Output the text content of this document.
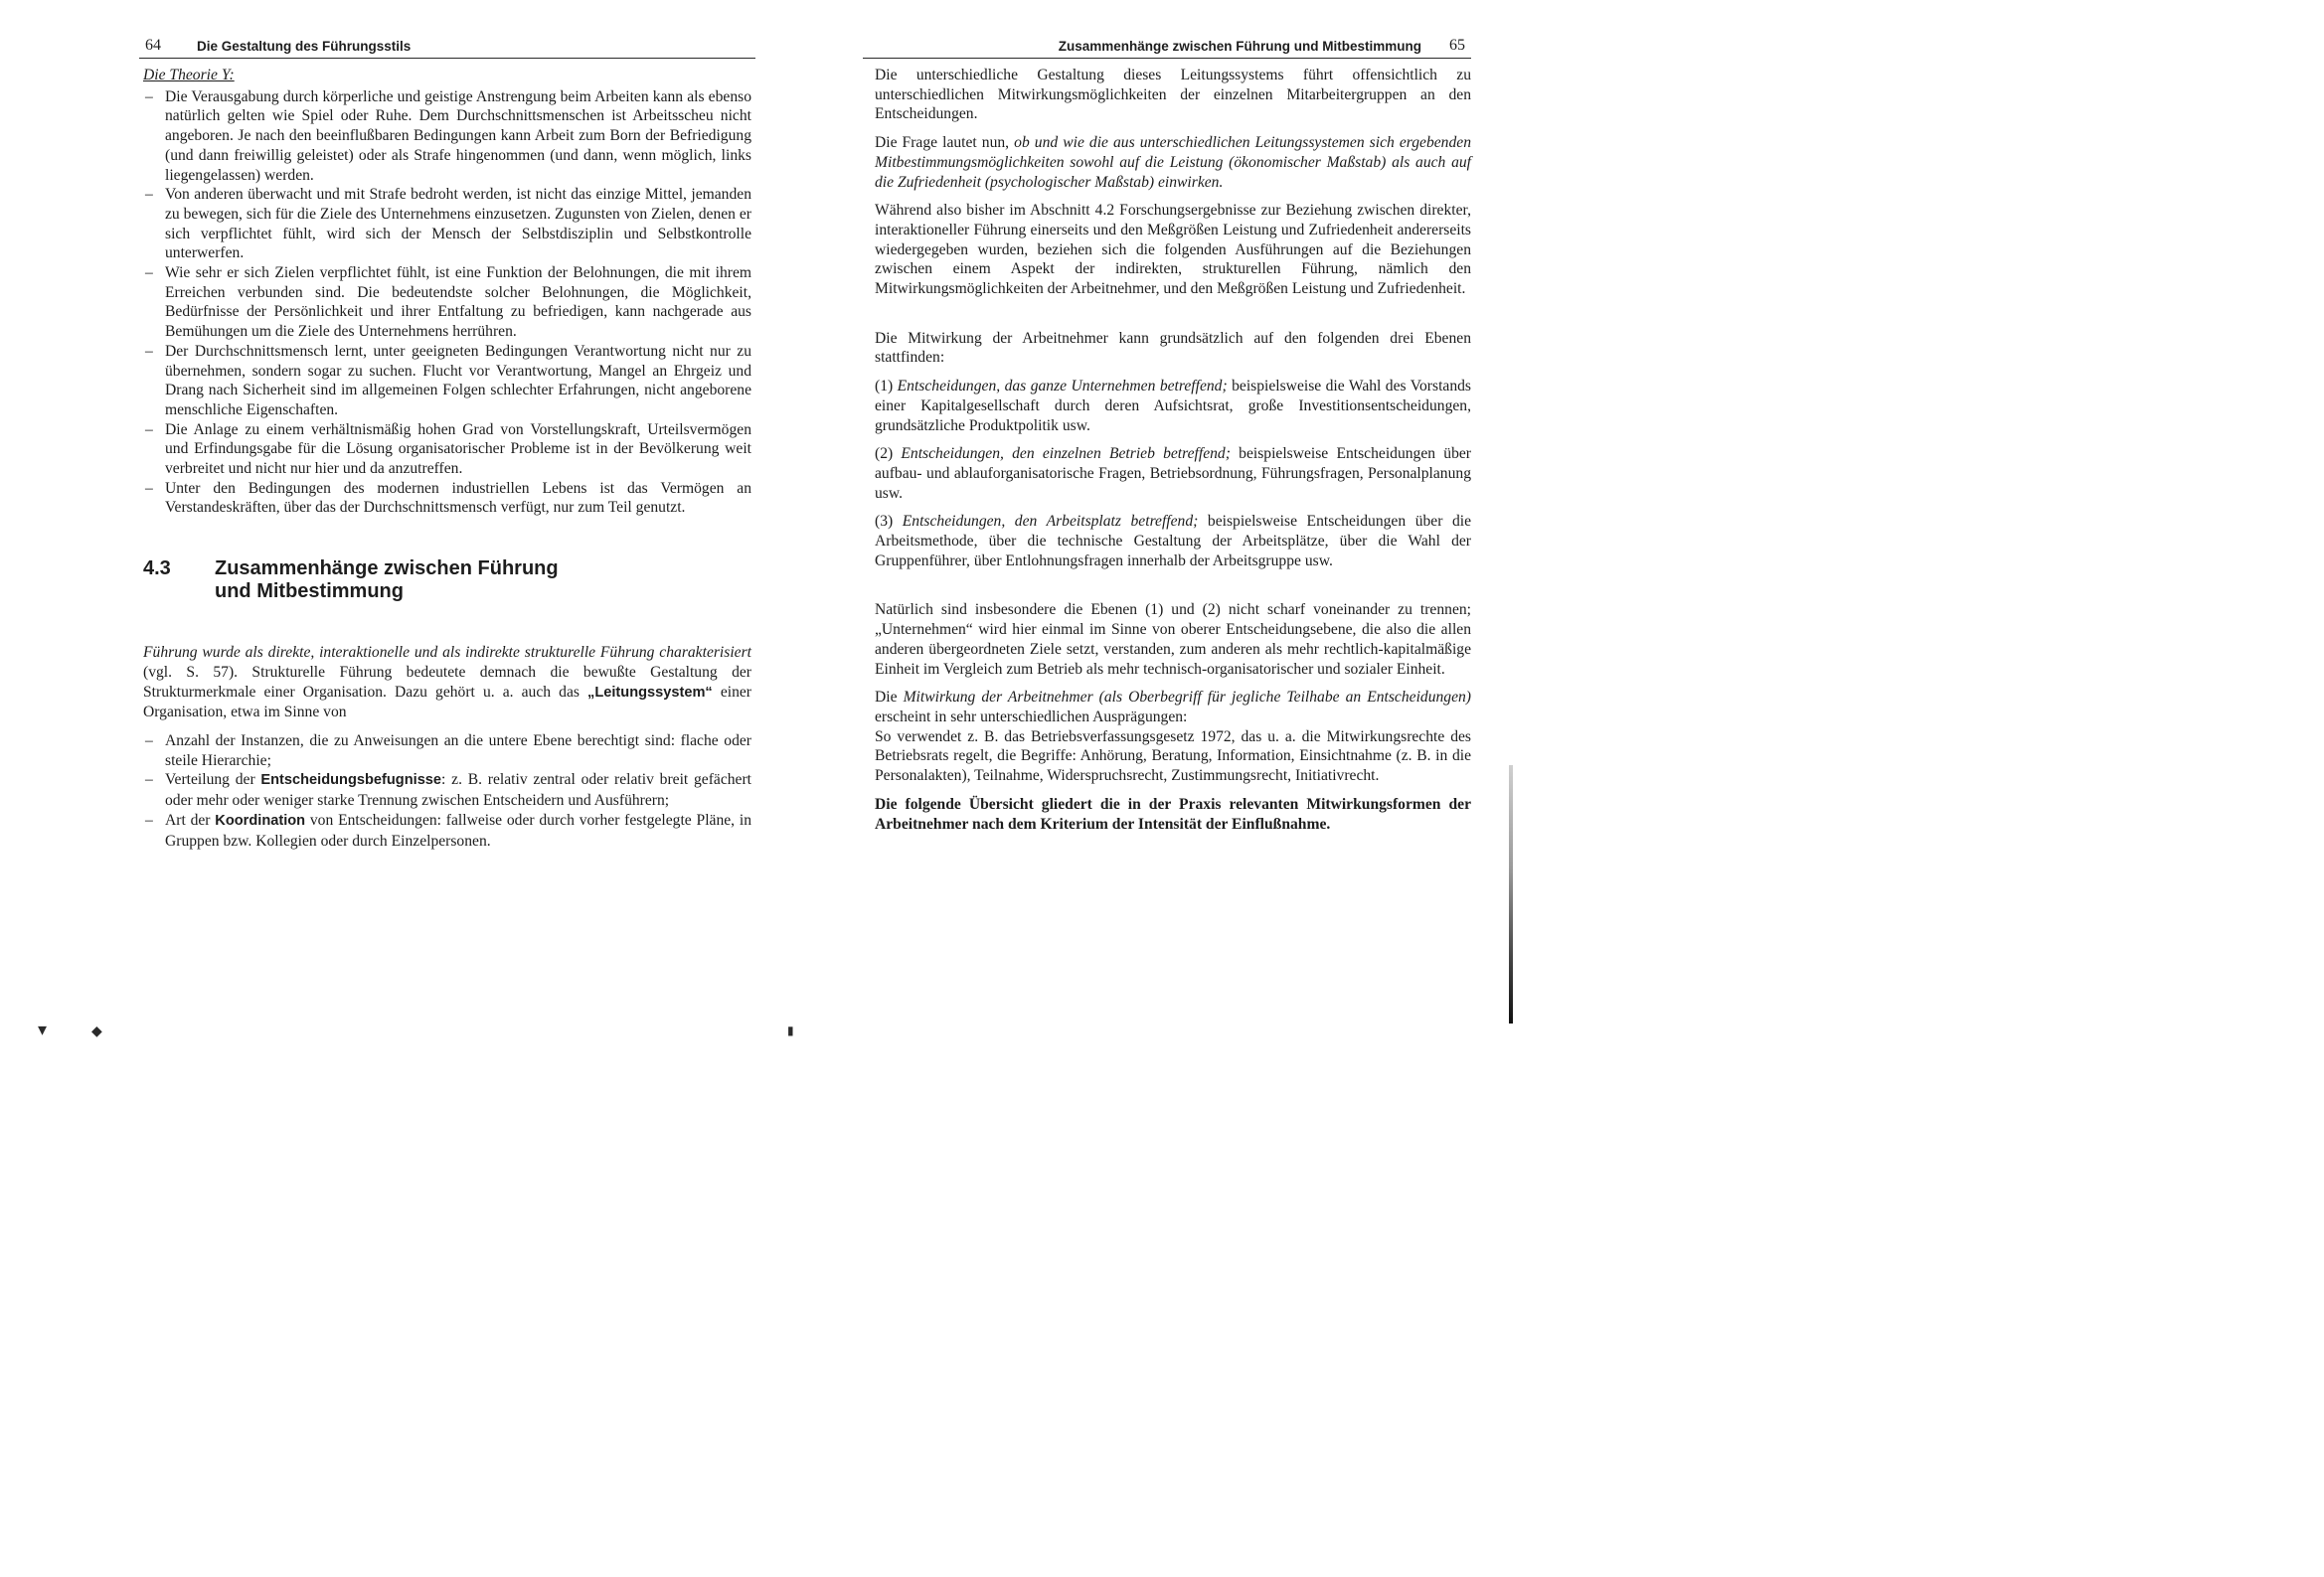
64	Die Gestaltung des Führungsstils

Die Theorie Y:

– Die Verausgabung durch körperliche und geistige Anstrengung beim Arbeiten kann als ebenso natürlich gelten wie Spiel oder Ruhe. Dem Durchschnittsmenschen ist Arbeitsscheu nicht angeboren. Je nach den beeinflußbaren Bedingungen kann Arbeit zum Born der Befriedigung (und dann freiwillig geleistet) oder als Strafe hingenommen (und dann, wenn möglich, links liegengelassen) werden.
– Von anderen überwacht und mit Strafe bedroht werden, ist nicht das einzige Mittel, jemanden zu bewegen, sich für die Ziele des Unternehmens einzusetzen. Zugunsten von Zielen, denen er sich verpflichtet fühlt, wird sich der Mensch der Selbstdisziplin und Selbstkontrolle unterwerfen.
– Wie sehr er sich Zielen verpflichtet fühlt, ist eine Funktion der Belohnungen, die mit ihrem Erreichen verbunden sind. Die bedeutendste solcher Belohnungen, die Möglichkeit, Bedürfnisse der Persönlichkeit und ihrer Entfaltung zu befriedigen, kann nachgerade aus Bemühungen um die Ziele des Unternehmens herrühren.
– Der Durchschnittsmensch lernt, unter geeigneten Bedingungen Verantwortung nicht nur zu übernehmen, sondern sogar zu suchen. Flucht vor Verantwortung, Mangel an Ehrgeiz und Drang nach Sicherheit sind im allgemeinen Folgen schlechter Erfahrungen, nicht angeborene menschliche Eigenschaften.
– Die Anlage zu einem verhältnismäßig hohen Grad von Vorstellungskraft, Urteilsvermögen und Erfindungsgabe für die Lösung organisatorischer Probleme ist in der Bevölkerung weit verbreitet und nicht nur hier und da anzutreffen.
– Unter den Bedingungen des modernen industriellen Lebens ist das Vermögen an Verstandeskräften, über das der Durchschnittsmensch verfügt, nur zum Teil genutzt.
4.3	Zusammenhänge zwischen Führung
und Mitbestimmung

Führung wurde als direkte, interaktionelle und als indirekte strukturelle Führung charakterisiert (vgl. S. 57). Strukturelle Führung bedeutete demnach die bewußte Gestaltung der Strukturmerkmale einer Organisation. Dazu gehört u. a. auch das „Leitungssystem“ einer Organisation, etwa im Sinne von

– Anzahl der Instanzen, die zu Anweisungen an die untere Ebene berechtigt sind: flache oder steile Hierarchie;
– Verteilung der Entscheidungsbefugnisse: z. B. relativ zentral oder relativ breit gefächert oder mehr oder weniger starke Trennung zwischen Entscheidern und Ausführern;
– Art der Koordination von Entscheidungen: fallweise oder durch vorher festgelegte Pläne, in Gruppen bzw. Kollegien oder durch Einzelpersonen.
Zusammenhänge zwischen Führung und Mitbestimmung 65

Die unterschiedliche Gestaltung dieses Leitungssystems führt offensichtlich zu unterschiedlichen Mitwirkungsmöglichkeiten der einzelnen Mitarbeitergruppen an den Entscheidungen.

Die Frage lautet nun, ob und wie die aus unterschiedlichen Leitungssystemen sich ergebenden Mitbestimmungsmöglichkeiten sowohl auf die Leistung (ökonomischer Maßstab) als auch auf die Zufriedenheit (psychologischer Maßstab) einwirken.

Während also bisher im Abschnitt 4.2 Forschungsergebnisse zur Beziehung zwischen direkter, interaktioneller Führung einerseits und den Meßgrößen Leistung und Zufriedenheit andererseits wiedergegeben wurden, beziehen sich die folgenden Ausführungen auf die Beziehungen zwischen einem Aspekt der indirekten, strukturellen Führung, nämlich den Mitwirkungsmöglichkeiten der Arbeitnehmer, und den Meßgrößen Leistung und Zufriedenheit.

Die Mitwirkung der Arbeitnehmer kann grundsätzlich auf den folgenden drei Ebenen stattfinden:

(1) Entscheidungen, das ganze Unternehmen betreffend; beispielsweise die Wahl des Vorstands einer Kapitalgesellschaft durch deren Aufsichtsrat, große Investitionsentscheidungen, grundsätzliche Produktpolitik usw.

(2) Entscheidungen, den einzelnen Betrieb betreffend; beispielsweise Entscheidungen über aufbau- und ablauforganisatorische Fragen, Betriebsordnung, Führungsfragen, Personalplanung usw.

(3) Entscheidungen, den Arbeitsplatz betreffend; beispielsweise Entscheidungen über die Arbeitsmethode, über die technische Gestaltung der Arbeitsplätze, über die Wahl der Gruppenführer, über Entlohnungsfragen innerhalb der Arbeitsgruppe usw.

Natürlich sind insbesondere die Ebenen (1) und (2) nicht scharf voneinander zu trennen; „Unternehmen“ wird hier einmal im Sinne von oberer Entscheidungsebene, die also die allen anderen übergeordneten Ziele setzt, verstanden, zum anderen als mehr rechtlich-kapitalmäßige Einheit im Vergleich zum Betrieb als mehr technisch-organisatorischer und sozialer Einheit.

Die Mitwirkung der Arbeitnehmer (als Oberbegriff für jegliche Teilhabe an Entscheidungen) erscheint in sehr unterschiedlichen Ausprägungen:

So verwendet z. B. das Betriebsverfassungsgesetz 1972, das u. a. die Mitwirkungsrechte des Betriebsrats regelt, die Begriffe: Anhörung, Beratung, Information, Einsichtnahme (z. B. in die Personalakten), Teilnahme, Widerspruchsrecht, Zustimmungsrecht, Initiativrecht.

Die folgende Übersicht gliedert die in der Praxis relevanten Mitwirkungsformen der Arbeitnehmer nach dem Kriterium der Intensität der Einflußnahme.

▾	◆	▮
